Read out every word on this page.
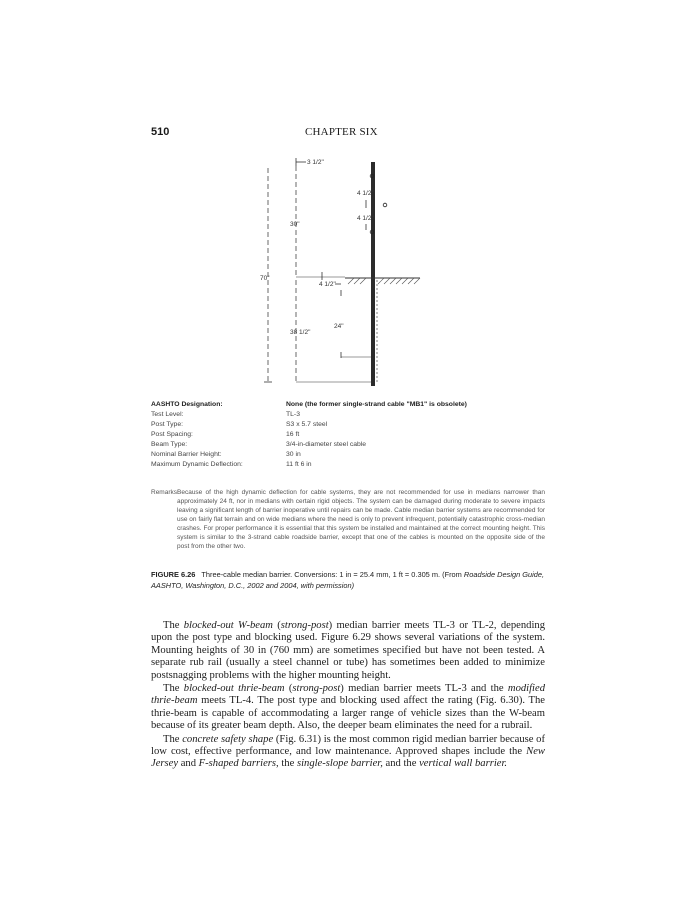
510	CHAPTER SIX
3 1/2"
4 1/2"
4 1/2"
30"
70"
4 1/2"
38 1/2"
24"
AASHTO Designation:	None (the former single-strand cable "MB1" is obsolete)
Test Level:	TL-3
Post Type:	S3 x 5.7 steel
Post Spacing:	16 ft
Beam Type:	3/4-in-diameter steel cable
Nominal Barrier Height:	30 in
Maximum Dynamic Deflection:	11 ft 6 in
Remarks:
Because of the high dynamic deflection for cable systems, they are not recommended for use in medians narrower than approximately 24 ft, nor in medians with certain rigid objects. The system can be damaged during moderate to severe impacts leaving a significant length of barrier inoperative until repairs can be made. Cable median barrier systems are recommended for use on fairly flat terrain and on wide medians where the need is only to prevent infrequent, potentially catastrophic cross-median crashes. For proper performance it is essential that this system be installed and maintained at the correct mounting height. This system is similar to the 3-strand cable roadside barrier, except that one of the cables is mounted on the opposite side of the post from the other two.
FIGURE 6.26 Three-cable median barrier. Conversions: 1 in = 25.4 mm, 1 ft = 0.305 m. (From Roadside Design Guide, AASHTO, Washington, D.C., 2002 and 2004, with permission)

The blocked-out W-beam (strong-post) median barrier meets TL-3 or TL-2, depending upon the post type and blocking used. Figure 6.29 shows several variations of the system. Mounting heights of 30 in (760 mm) are sometimes specified but have not been tested. A separate rub rail (usually a steel channel or tube) has sometimes been added to minimize postsnagging problems with the higher mounting height.

The blocked-out thrie-beam (strong-post) median barrier meets TL-3 and the modified thrie-beam meets TL-4. The post type and blocking used affect the rating (Fig. 6.30). The thrie-beam is capable of accommodating a larger range of vehicle sizes than the W-beam because of its greater beam depth. Also, the deeper beam eliminates the need for a rubrail.

The concrete safety shape (Fig. 6.31) is the most common rigid median barrier because of low cost, effective performance, and low maintenance. Approved shapes include the New Jersey and F-shaped barriers, the single-slope barrier, and the vertical wall barrier.
